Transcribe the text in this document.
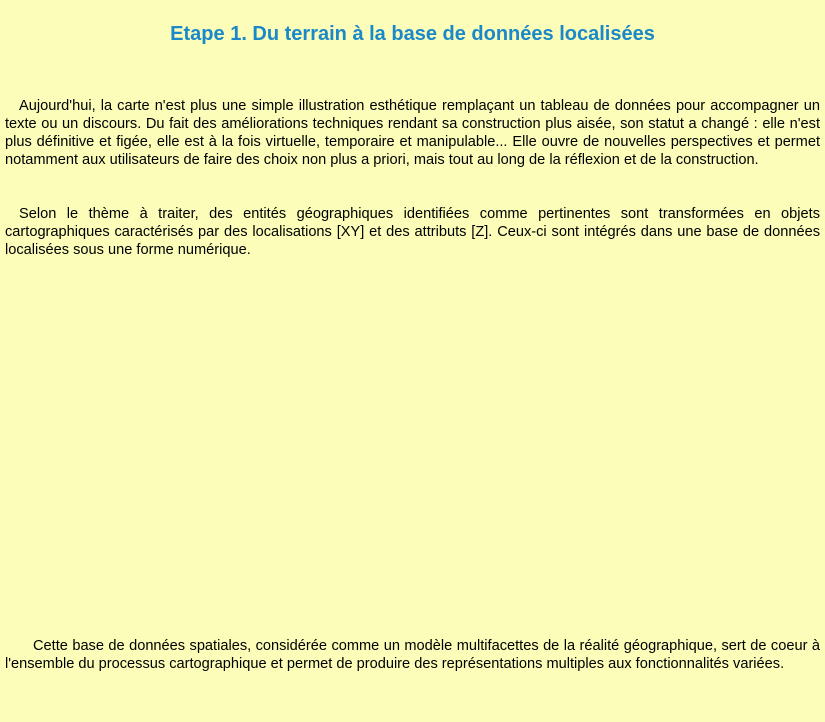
Etape 1. Du terrain à la base de données localisées

Aujourd'hui, la carte n'est plus une simple illustration esthétique remplaçant un tableau de données pour accompagner un texte ou un discours. Du fait des améliorations techniques rendant sa construction plus aisée, son statut a changé : elle n'est plus définitive et figée, elle est à la fois virtuelle, temporaire et manipulable... Elle ouvre de nouvelles perspectives et permet notamment aux utilisateurs de faire des choix non plus a priori, mais tout au long de la réflexion et de la construction.

Selon le thème à traiter, des entités géographiques identifiées comme pertinentes sont transformées en objets cartographiques caractérisés par des localisations [XY] et des attributs [Z]. Ceux-ci sont intégrés dans une base de données localisées sous une forme numérique.

Cette base de données spatiales, considérée comme un modèle multifacettes de la réalité géographique, sert de coeur à l'ensemble du processus cartographique et permet de produire des représentations multiples aux fonctionnalités variées.
